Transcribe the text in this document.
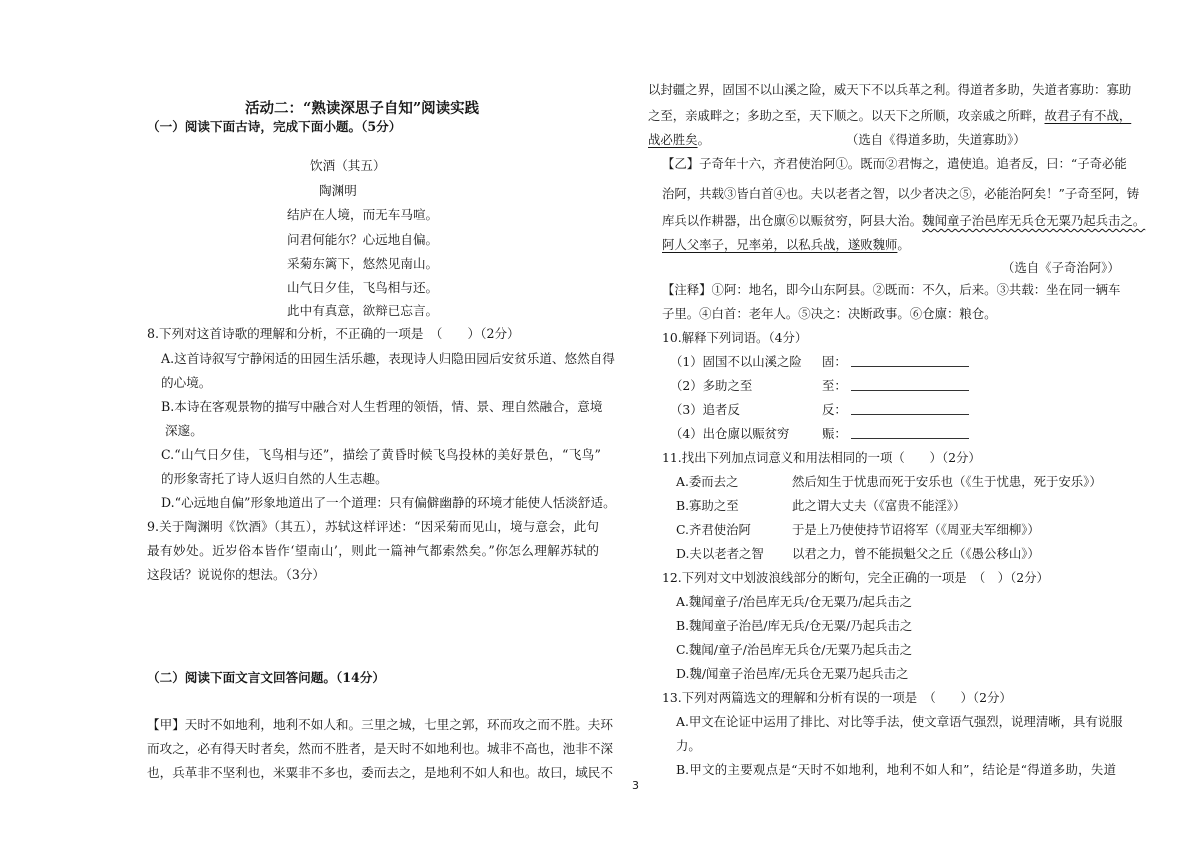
活动二：“熟读深思子自知”阅读实践
（一）阅读下面古诗，完成下面小题。（5分）
饮酒（其五）
陶渊明
结庐在人境，而无车马喧。
问君何能尔？心远地自偏。
采菊东篱下，悠然见南山。
山气日夕佳，飞鸟相与还。
此中有真意，欲辩已忘言。
8.下列对这首诗歌的理解和分析，不正确的一项是　（　　）（2分）
A.这首诗叙写宁静闲适的田园生活乐趣，表现诗人归隐田园后安贫乐道、悠然自得
的心境。
B.本诗在客观景物的描写中融合对人生哲理的领悟，情、景、理自然融合，意境
深邃。
C.“山气日夕佳，飞鸟相与还”，描绘了黄昏时候飞鸟投林的美好景色，“飞鸟”
的形象寄托了诗人返归自然的人生志趣。
D.“心远地自偏”形象地道出了一个道理：只有偏僻幽静的环境才能使人恬淡舒适。
9.关于陶渊明《饮酒》（其五），苏轼这样评述：“因采菊而见山，境与意会，此句
最有妙处。近岁俗本皆作‘望南山’，则此一篇神气都索然矣。”你怎么理解苏轼的
这段话？说说你的想法。（3分）
（二）阅读下面文言文回答问题。（14分）
【甲】天时不如地利，地利不如人和。三里之城，七里之郭，环而攻之而不胜。夫环
而攻之，必有得天时者矣，然而不胜者，是天时不如地利也。城非不高也，池非不深
也，兵革非不坚利也，米粟非不多也，委而去之，是地利不如人和也。故曰，域民不
以封疆之界，固国不以山溪之险，威天下不以兵革之利。得道者多助，失道者寡助：寡助
之至，亲戚畔之；多助之至，天下顺之。以天下之所顺，攻亲戚之所畔，故君子有不战，
战必胜矣。	（选自《得道多助，失道寡助》）
【乙】子奇年十六，齐君使治阿①。既而②君悔之，遣使追。追者反，曰：“子奇必能
治阿，共载③皆白首④也。夫以老者之智，以少者决之⑤，必能治阿矣！”子奇至阿，铸
库兵以作耕器，出仓廪⑥以赈贫穷，阿县大治。魏闻童子治邑库无兵仓无粟乃起兵击之。
阿人父率子，兄率弟，以私兵战，遂败魏师。
（选自《子奇治阿》）
【注释】①阿：地名，即今山东阿县。②既而：不久，后来。③共载：坐在同一辆车
子里。④白首：老年人。⑤决之：决断政事。⑥仓廪：粮仓。
10.解释下列词语。（4分）
（1）固国不以山溪之险 固：
（2）多助之至	至：
（3）追者反	反：
（4）出仓廪以赈贫穷	赈：
11.找出下列加点词意义和用法相同的一项（　　）（2分）
A.委而去之	然后知生于忧患而死于安乐也（《生于忧患，死于安乐》）
B.寡助之至	此之谓大丈夫（《富贵不能淫》）
C.齐君使治阿	于是上乃使使持节诏将军（《周亚夫军细柳》）
D.夫以老者之智 以君之力，曾不能损魁父之丘（《愚公移山》）
12.下列对文中划波浪线部分的断句，完全正确的一项是　（　）（2分）
A.魏闻童子/治邑库无兵/仓无粟乃/起兵击之
B.魏闻童子治邑/库无兵/仓无粟/乃起兵击之
C.魏闻/童子/治邑库无兵仓/无粟乃起兵击之
D.魏/闻童子治邑库/无兵仓无粟乃起兵击之
13.下列对两篇选文的理解和分析有误的一项是　（　　）（2分）
A.甲文在论证中运用了排比、对比等手法，使文章语气强烈，说理清晰，具有说服
力。
B.甲文的主要观点是“天时不如地利，地利不如人和”，结论是“得道多助，失道
3
